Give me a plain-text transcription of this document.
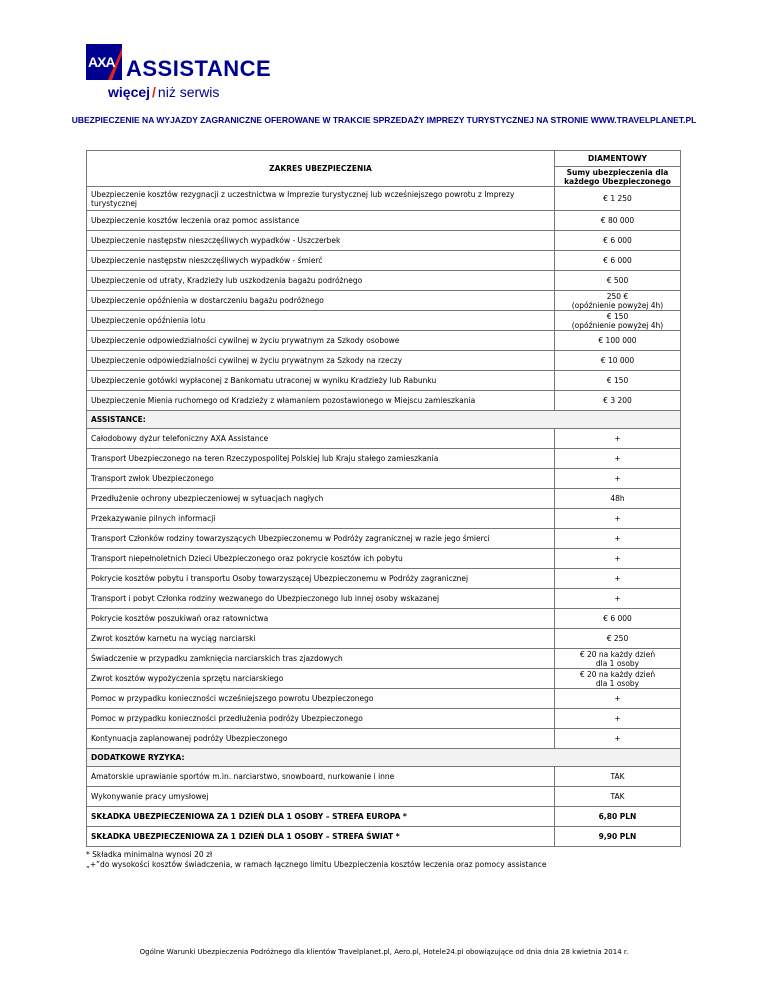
AXA ASSISTANCE
więcej / niż serwis
UBEZPIECZENIE NA WYJAZDY ZAGRANICZNE OFEROWANE W TRAKCIE SPRZEDAŻY IMPREZY TURYSTYCZNEJ NA STRONIE WWW.TRAVELPLANET.PL
ZAKRES UBEZPIECZENIA	DIAMENTOWY
	Sumy ubezpieczenia dla każdego Ubezpieczonego
Ubezpieczenie kosztów rezygnacji z uczestnictwa w Imprezie turystycznej lub wcześniejszego powrotu z Imprezy turystycznej	€ 1 250
Ubezpieczenie kosztów leczenia oraz pomoc assistance	€ 80 000
Ubezpieczenie następstw nieszczęśliwych wypadków - Uszczerbek	€ 6 000
Ubezpieczenie następstw nieszczęśliwych wypadków - śmierć	€ 6 000
Ubezpieczenie od utraty, Kradzieży lub uszkodzenia bagażu podróżnego	€ 500
Ubezpieczenie opóźnienia w dostarczeniu bagażu podróżnego	250 €
(opóźnienie powyżej 4h)

Ubezpieczenie opóźnienia lotu	€ 150
(opóźnienie powyżej 4h)

Ubezpieczenie odpowiedzialności cywilnej w życiu prywatnym za Szkody osobowe	€ 100 000
Ubezpieczenie odpowiedzialności cywilnej w życiu prywatnym za Szkody na rzeczy	€ 10 000
Ubezpieczenie gotówki wypłaconej z Bankomatu utraconej w wyniku Kradzieży lub Rabunku	€ 150
Ubezpieczenie Mienia ruchomego od Kradzieży z włamaniem pozostawionego w Miejscu zamieszkania	€ 3 200
ASSISTANCE:	
Całodobowy dyżur telefoniczny AXA Assistance	+
Transport Ubezpieczonego na teren Rzeczypospolitej Polskiej lub Kraju stałego zamieszkania	+
Transport zwłok Ubezpieczonego	+
Przedłużenie ochrony ubezpieczeniowej w sytuacjach nagłych	48h
Przekazywanie pilnych informacji	+
Transport Członków rodziny towarzyszących Ubezpieczonemu w Podróży zagranicznej w razie jego śmierci	+
Transport niepełnoletnich Dzieci Ubezpieczonego oraz pokrycie kosztów ich pobytu	+
Pokrycie kosztów pobytu i transportu Osoby towarzyszącej Ubezpieczonemu w Podróży zagranicznej	+
Transport i pobyt Członka rodziny wezwanego do Ubezpieczonego lub innej osoby wskazanej	+
Pokrycie kosztów poszukiwań oraz ratownictwa	€ 6 000
Zwrot kosztów karnetu na wyciąg narciarski	€ 250
Świadczenie w przypadku zamknięcia narciarskich tras zjazdowych	€ 20 na każdy dzień
dla 1 osoby

Zwrot kosztów wypożyczenia sprzętu narciarskiego	€ 20 na każdy dzień
dla 1 osoby

Pomoc w przypadku konieczności wcześniejszego powrotu Ubezpieczonego	+
Pomoc w przypadku konieczności przedłużenia podróży Ubezpieczonego	+
Kontynuacja zaplanowanej podróży Ubezpieczonego	+
DODATKOWE RYZYKA:	
Amatorskie uprawianie sportów m.in. narciarstwo, snowboard, nurkowanie i inne	TAK
Wykonywanie pracy umysłowej	TAK
SKŁADKA UBEZPIECZENIOWA ZA 1 DZIEŃ DLA 1 OSOBY – STREFA EUROPA *	6,80 PLN
SKŁADKA UBEZPIECZENIOWA ZA 1 DZIEŃ DLA 1 OSOBY – STREFA ŚWIAT *	9,90 PLN
* Składka minimalna wynosi 20 zł
„+”do wysokości kosztów świadczenia, w ramach łącznego limitu Ubezpieczenia kosztów leczenia oraz pomocy assistance
Ogólne Warunki Ubezpieczenia Podróżnego dla klientów Travelplanet.pl, Aero.pl, Hotele24.pl obowiązujące od dnia dnia 28 kwietnia 2014 r.
